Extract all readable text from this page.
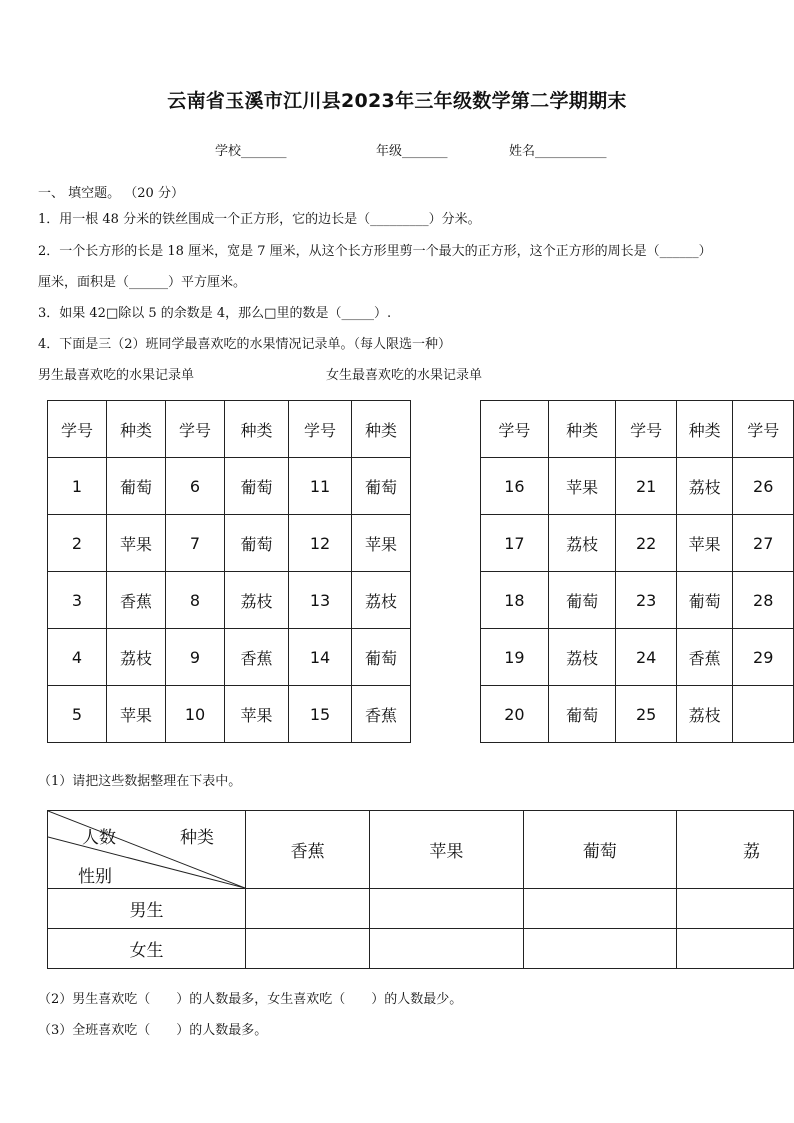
云南省玉溪市江川县2023年三年级数学第二学期期末
学校_______	年级_______	姓名___________
一、 填空题。 （20 分）
1．用一根 48 分米的铁丝围成一个正方形，它的边长是（_________）分米。
2．一个长方形的长是 18 厘米，宽是 7 厘米，从这个长方形里剪一个最大的正方形，这个正方形的周长是（______）
厘米，面积是（______）平方厘米。
3．如果 42□除以 5 的余数是 4，那么□里的数是（_____）.
4．下面是三（2）班同学最喜欢吃的水果情况记录单。（每人限选一种）
男生最喜欢吃的水果记录单	女生最喜欢吃的水果记录单
学号	种类	学号	种类	学号	种类
1	葡萄	6	葡萄	11	葡萄
2	苹果	7	葡萄	12	苹果
3	香蕉	8	荔枝	13	荔枝
4	荔枝	9	香蕉	14	葡萄
5	苹果	10	苹果	15	香蕉
学号	种类	学号	种类	学号
16	苹果	21	荔枝	26
17	荔枝	22	苹果	27
18	葡萄	23	葡萄	28
19	荔枝	24	香蕉	29
20	葡萄	25	荔枝	
（1）请把这些数据整理在下表中。
人数 种类
性别	香蕉	苹果	葡萄	荔
男生				
女生				
（2）男生喜欢吃（　　）的人数最多，女生喜欢吃（　　）的人数最少。
（3）全班喜欢吃（　　）的人数最多。
